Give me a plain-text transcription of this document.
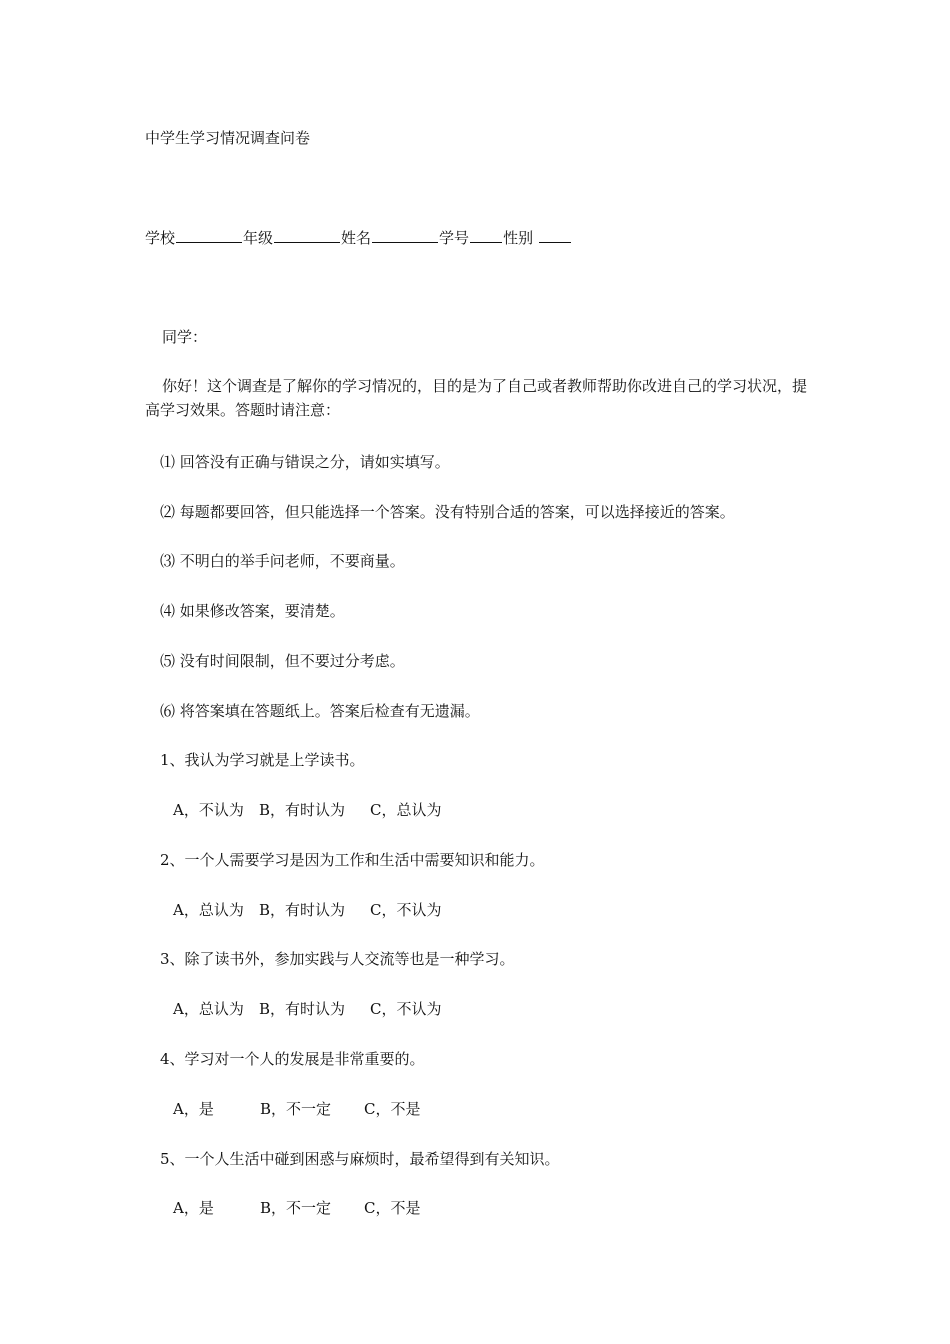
中学生学习情况调查问卷
学校	年级	姓名	学号 性别
同学：
你好！这个调查是了解你的学习情况的，目的是为了自己或者教师帮助你改进自己的学习状况，提高学习效果。答题时请注意：
⑴ 回答没有正确与错误之分，请如实填写。
⑵ 每题都要回答，但只能选择一个答案。没有特别合适的答案，可以选择接近的答案。
⑶ 不明白的举手问老师，不要商量。
⑷ 如果修改答案，要清楚。
⑸ 没有时间限制，但不要过分考虑。
⑹ 将答案填在答题纸上。答案后检查有无遗漏。
1、我认为学习就是上学读书。
A，不认为 B，有时认为 C，总认为
2、一个人需要学习是因为工作和生活中需要知识和能力。
A，总认为 B，有时认为 C，不认为
3、除了读书外，参加实践与人交流等也是一种学习。
A，总认为 B，有时认为 C，不认为
4、学习对一个人的发展是非常重要的。
A，是	B，不一定 C，不是
5、一个人生活中碰到困惑与麻烦时，最希望得到有关知识。
A，是	B，不一定 C，不是
